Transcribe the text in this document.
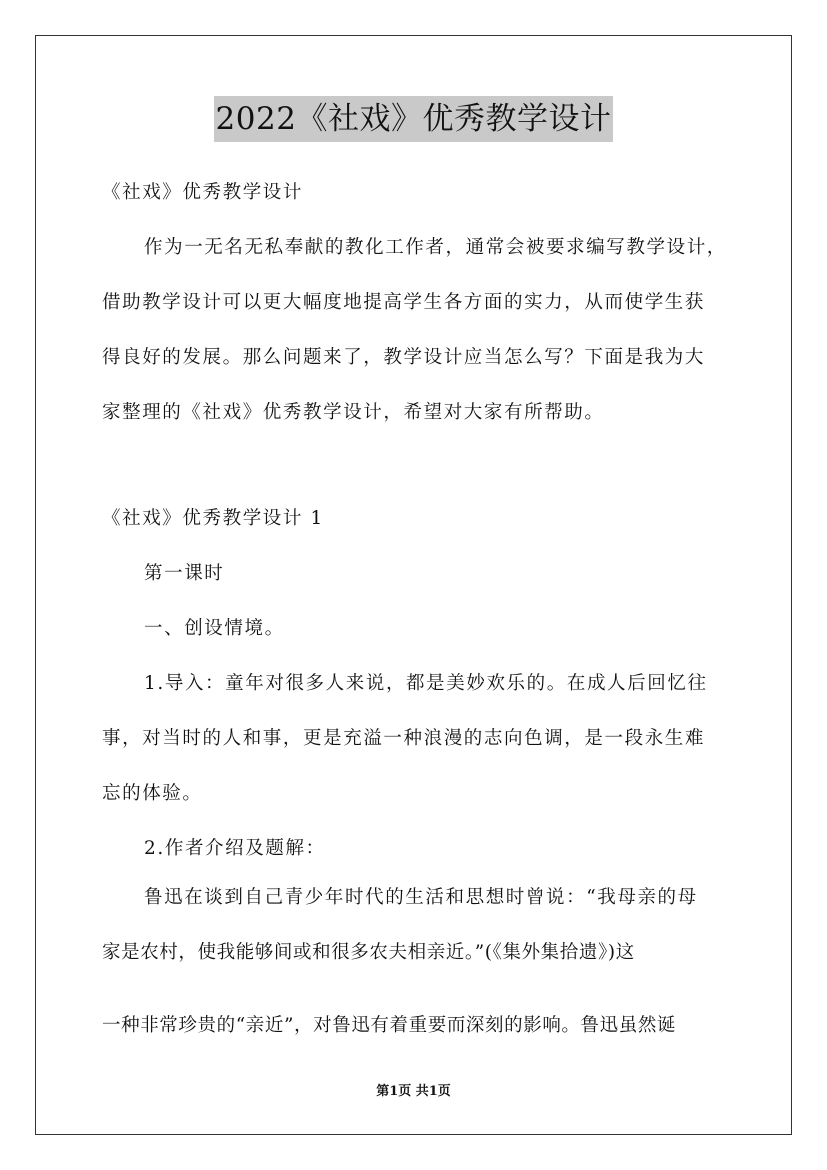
2022《社戏》优秀教学设计
《社戏》优秀教学设计
作为一无名无私奉献的教化工作者，通常会被要求编写教学设计，
借助教学设计可以更大幅度地提高学生各方面的实力，从而使学生获
得良好的发展。那么问题来了，教学设计应当怎么写？下面是我为大
家整理的《社戏》优秀教学设计，希望对大家有所帮助。
《社戏》优秀教学设计 1
第一课时
一、创设情境。
1.导入：童年对很多人来说，都是美妙欢乐的。在成人后回忆往
事，对当时的人和事，更是充溢一种浪漫的志向色调，是一段永生难
忘的体验。
2.作者介绍及题解：
鲁迅在谈到自己青少年时代的生活和思想时曾说：“我母亲的母
家是农村，使我能够间或和很多农夫相亲近。”(《集外集拾遗》)这
一种非常珍贵的“亲近”，对鲁迅有着重要而深刻的影响。鲁迅虽然诞
第1页 共1页
